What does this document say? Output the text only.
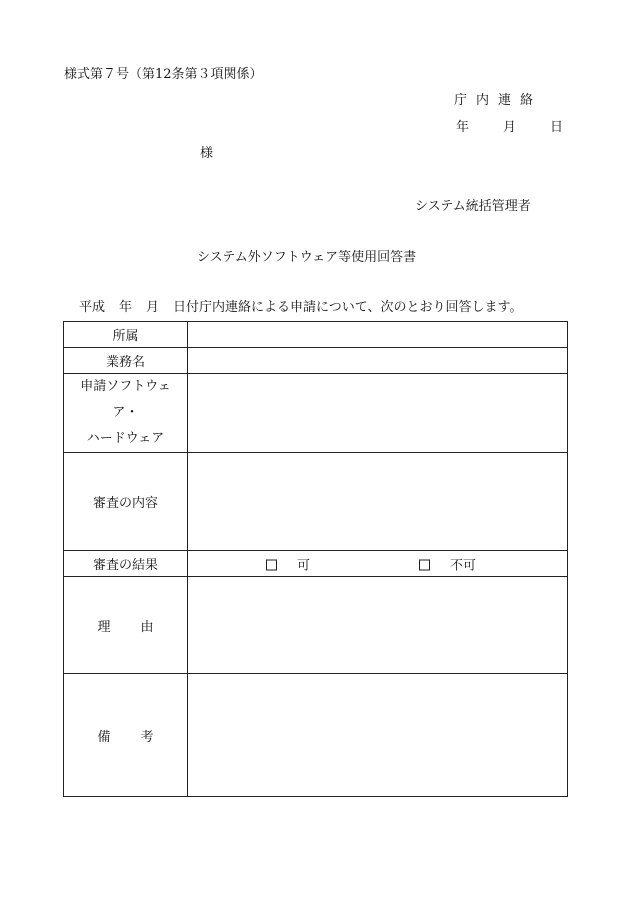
様式第７号（第12条第３項関係）
庁内連絡
年	月	日
様
システム統括管理者
システム外ソフトウェア等使用回答書
平成 年 月 日付庁内連絡による申請について、次のとおり回答します。
所属	
業務名	

申請ソフトウェ
ア・
ハードウェア	

審査の内容	
審査の結果	可 不可

理 由	
備 考	
